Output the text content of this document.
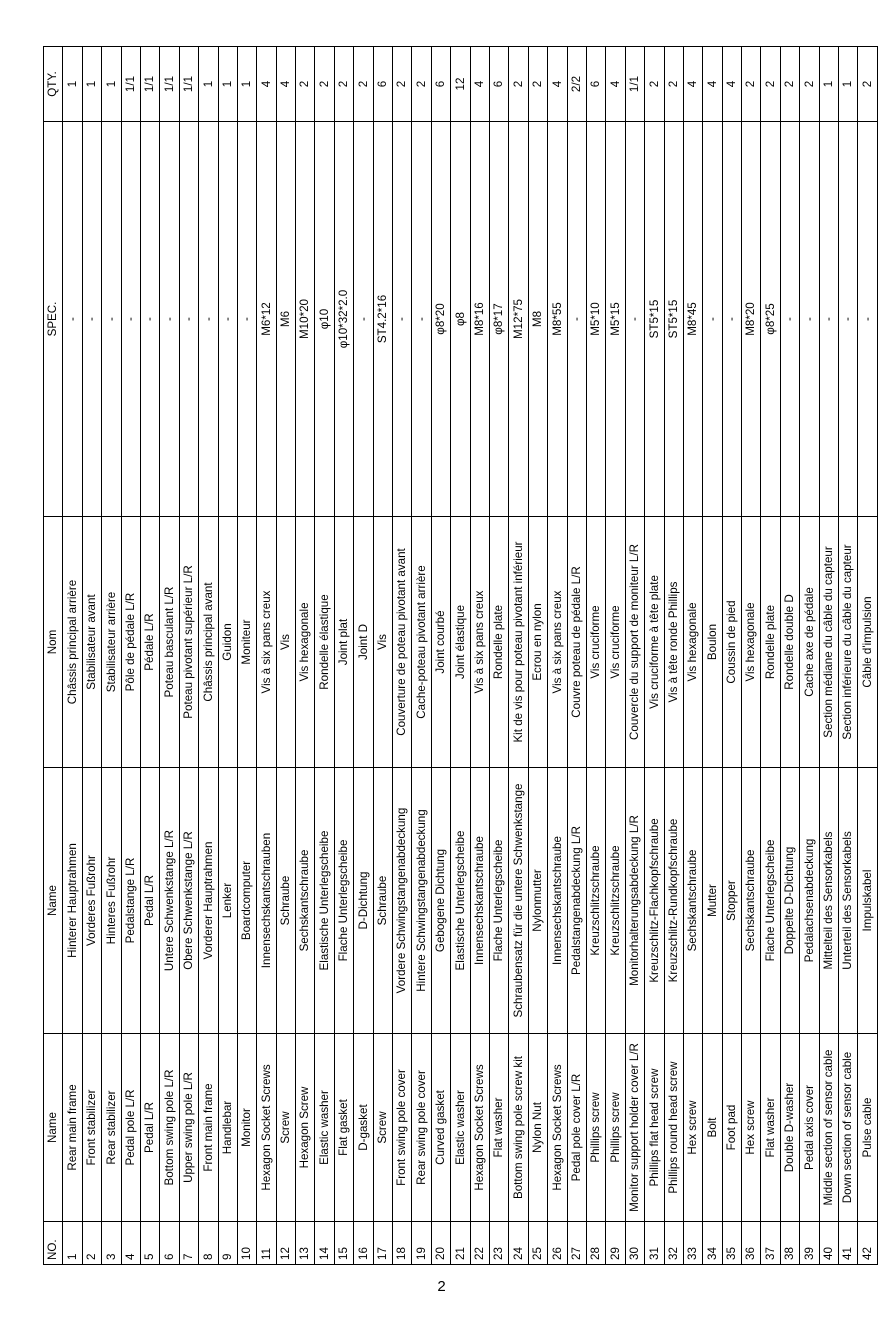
NO.	Name	Name	Nom	SPEC.	QTY.
1	Rear main frame	Hinterer Hauptrahmen	Châssis principal arrière	-	1
2	Front stabilizer	Vorderes Fußrohr	Stabilisateur avant	-	1
3	Rear stabilizer	Hinteres Fußrohr	Stabilisateur arrière	-	1
4	Pedal pole L/R	Pedalstange L/R	Pôle de pédale L/R	-	1/1
5	Pedal L/R	Pedal L/R	Pédale L/R	-	1/1
6	Bottom swing pole L/R	Untere Schwenkstange L/R	Poteau basculant L/R	-	1/1
7	Upper swing pole L/R	Obere Schwenkstange L/R	Poteau pivotant supérieur L/R	-	1/1
8	Front main frame	Vorderer Hauptrahmen	Châssis principal avant	-	1
9	Handlebar	Lenker	Guidon	-	1
10	Monitor	Boardcomputer	Moniteur	-	1
11	Hexagon Socket Screws	Innensechskantschrauben	Vis à six pans creux	M6*12	4
12	Screw	Schraube	Vis	M6	4
13	Hexagon Screw	Sechskantschraube	Vis hexagonale	M10*20	2
14	Elastic washer	Elastische Unterlegscheibe	Rondelle élastique	φ10	2
15	Flat gasket	Flache Unterlegscheibe	Joint plat	φ10*32*2.0	2
16	D-gasket	D-Dichtung	Joint D	-	2
17	Screw	Schraube	Vis	ST4.2*16	6
18	Front swing pole cover	Vordere Schwingstangenabdeckung	Couverture de poteau pivotant avant	-	2
19	Rear swing pole cover	Hintere Schwingstangenabdeckung	Cache-poteau pivotant arrière	-	2
20	Curved gasket	Gebogene Dichtung	Joint courbé	φ8*20	6
21	Elastic washer	Elastische Unterlegscheibe	Joint élastique	φ8	12
22	Hexagon Socket Screws	Innensechskantschraube	Vis à six pans creux	M8*16	4
23	Flat washer	Flache Unterlegscheibe	Rondelle plate	φ8*17	6
24	Bottom swing pole screw kit	Schraubensatz für die untere Schwenkstange	Kit de vis pour poteau pivotant inférieur	M12*75	2
25	Nylon Nut	Nylonmutter	Ecrou en nylon	M8	2
26	Hexagon Socket Screws	Innensechskantschraube	Vis à six pans creux	M8*55	4
27	Pedal pole cover L/R	Pedalstangenabdeckung L/R	Couvre poteau de pédale L/R	-	2/2
28	Phillips screw	Kreuzschlitzschraube	Vis cruciforme	M5*10	6
29	Phillips screw	Kreuzschlitzschraube	Vis cruciforme	M5*15	4
30	Monitor support holder cover L/R	Monitorhalterungsabdeckung L/R	Couvercle du support de moniteur L/R	-	1/1
31	Phillips flat head screw	Kreuzschlitz-Flachkopfschraube	Vis cruciforme à tête plate	ST5*15	2
32	Phillips round head screw	Kreuzschlitz-Rundkopfschraube	Vis à tête ronde Phillips	ST5*15	2
33	Hex screw	Sechskantschraube	Vis hexagonale	M8*45	4
34	Bolt	Mutter	Boulon	-	4
35	Foot pad	Stopper	Coussin de pied	-	4
36	Hex screw	Sechskantschraube	Vis hexagonale	M8*20	2
37	Flat washer	Flache Unterlegscheibe	Rondelle plate	φ8*25	2
38	Double D-washer	Doppelte D-Dichtung	Rondelle double D	-	2
39	Pedal axis cover	Pedalachsenabdeckung	Cache axe de pédale	-	2
40	Middle section of sensor cable	Mittelteil des Sensorkabels	Section médiane du câble du capteur	-	1
41	Down section of sensor cable	Unterteil des Sensorkabels	Section inférieure du câble du capteur	-	1
42	Pulse cable	Impulskabel	Câble d'impulsion	-	2
2
